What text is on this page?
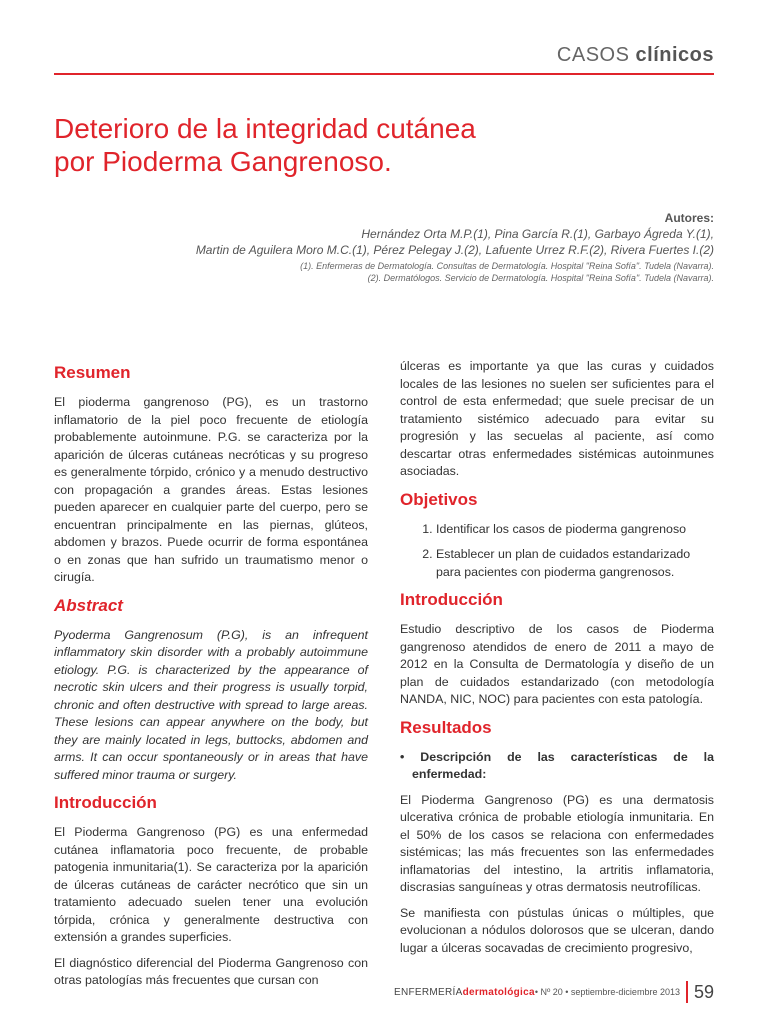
CASOS clínicos
Deterioro de la integridad cutánea
por Pioderma Gangrenoso.
Autores:
Hernández Orta M.P.(1), Pina García R.(1), Garbayo Ágreda Y.(1),
Martin de Aguilera Moro M.C.(1), Pérez Pelegay J.(2), Lafuente Urrez R.F.(2), Rivera Fuertes I.(2)
(1). Enfermeras de Dermatología. Consultas de Dermatología. Hospital "Reina Sofía". Tudela (Navarra).
(2). Dermatólogos. Servicio de Dermatología. Hospital "Reina Sofía". Tudela (Navarra).
Resumen

El pioderma gangrenoso (PG), es un trastorno inflamatorio de la piel poco frecuente de etiología probablemente autoinmune. P.G. se caracteriza por la aparición de úlceras cutáneas necróticas y su progreso es generalmente tórpido, crónico y a menudo destructivo con propagación a grandes áreas. Estas lesiones pueden aparecer en cualquier parte del cuerpo, pero se encuentran principalmente en las piernas, glúteos, abdomen y brazos. Puede ocurrir de forma espontánea o en zonas que han sufrido un traumatismo menor o cirugía.

Abstract

Pyoderma Gangrenosum (P.G), is an infrequent inflammatory skin disorder with a probably autoimmune etiology. P.G. is characterized by the appearance of necrotic skin ulcers and their progress is usually torpid, chronic and often destructive with spread to large areas. These lesions can appear anywhere on the body, but they are mainly located in legs, buttocks, abdomen and arms. It can occur spontaneously or in areas that have suffered minor trauma or surgery.

Introducción

El Pioderma Gangrenoso (PG) es una enfermedad cutánea inflamatoria poco frecuente, de probable patogenia inmunitaria(1). Se caracteriza por la aparición de úlceras cutáneas de carácter necrótico que sin un tratamiento adecuado suelen tener una evolución tórpida, crónica y generalmente destructiva con extensión a grandes superficies.

El diagnóstico diferencial del Pioderma Gangrenoso con otras patologías más frecuentes que cursan con

úlceras es importante ya que las curas y cuidados locales de las lesiones no suelen ser suficientes para el control de esta enfermedad; que suele precisar de un tratamiento sistémico adecuado para evitar su progresión y las secuelas al paciente, así como descartar otras enfermedades sistémicas autoinmunes asociadas.

Objetivos
1. Identificar los casos de pioderma gangrenoso
2. Establecer un plan de cuidados estandarizado para pacientes con pioderma gangrenosos.
Introducción

Estudio descriptivo de los casos de Pioderma gangrenoso atendidos de enero de 2011 a mayo de 2012 en la Consulta de Dermatología y diseño de un plan de cuidados estandarizado (con metodología NANDA, NIC, NOC) para pacientes con esta patología.

Resultados
• Descripción de las características de la enfermedad:

El Pioderma Gangrenoso (PG) es una dermatosis ulcerativa crónica de probable etiología inmunitaria. En el 50% de los casos se relaciona con enfermedades sistémicas; las más frecuentes son las enfermedades inflamatorias del intestino, la artritis inflamatoria, discrasias sanguíneas y otras dermatosis neutrofílicas.

Se manifiesta con pústulas únicas o múltiples, que evolucionan a nódulos dolorosos que se ulceran, dando lugar a úlceras socavadas de crecimiento progresivo,

ENFERMERÍAdermatológica • Nº 20 • septiembre-diciembre 2013 59
